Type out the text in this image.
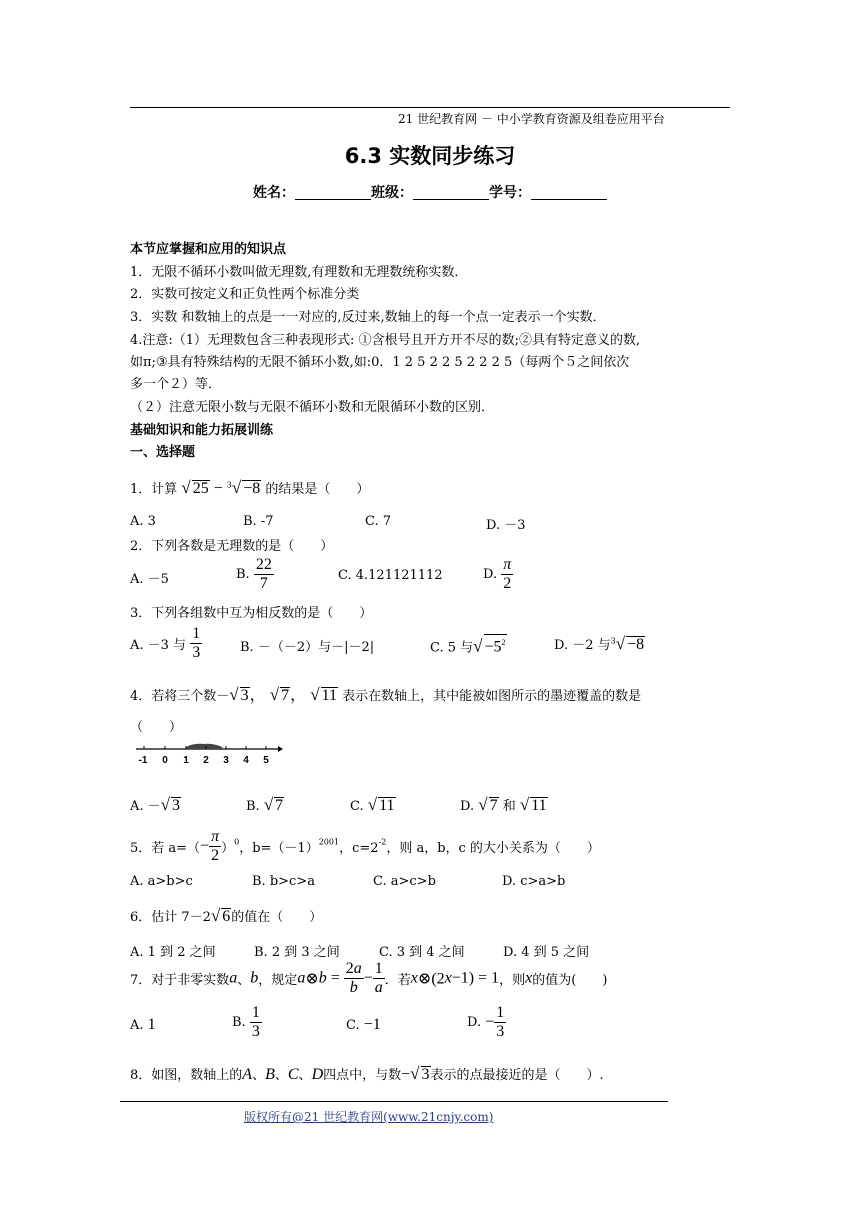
21 世纪教育网 － 中小学教育资源及组卷应用平台
6.3 实数同步练习
姓名：	班级：	学号：
本节应掌握和应用的知识点
1．无限不循环小数叫做无理数,有理数和无理数统称实数．
2．实数可按定义和正负性两个标准分类
3．实数 和数轴上的点是一一对应的,反过来,数轴上的每一个点一定表示一个实数．
4.注意:（1）无理数包含三种表现形式: ①含根号且开方开不尽的数;②具有特定意义的数,
如π;③具有特殊结构的无限不循环小数,如:0．1 2 5 2 2 5 2 2 2 5（每两个５之间依次
多一个２）等．
（２）注意无限小数与无限不循环小数和无限循环小数的区别．
基础知识和能力拓展训练
一、选择题
1．计算 √ 25 − $^3$√ −8 的结果是（　　）
A. 3	B. -7	C. 7	D. －3
2．下列各数是无理数的是（　　）
A. －5	B. $\frac{22}{7}$	C. 4.121121112	D. $\frac{\pi}{2}$
3．下列各组数中互为相反数的是（　　）
A. －3 与 $\frac{1}{3}$	B. －（－2）与－|－2|	C. 5 与√ $-5^2$	D. －2 与$^3$√ −8
4．若将三个数－√ 3， √ 7， √ 11 表示在数轴上，其中能被如图所示的墨迹覆盖的数是
（　　）
-1 0 1 2 3 4 5
A. －√ 3	B. √ 7	C. √ 11	D. √ 7 和 √ 11
5．若 $a=(- \frac{\pi}{2} )^0$，$b=(-1)^{2001}$，$c=2^{-2}$，则 a，b，c 的大小关系为（　　）
A. a>b>c	B. b>c>a	C. a>c>b	D. c>a>b
6．估计 7－2√ 6的值在（　　）
A. 1 到 2 之间	B. 2 到 3 之间	C. 3 到 4 之间	D. 4 到 5 之间
7．对于非零实数a、b，规定a⊗b = $\frac{2a}{b} - \frac{1}{a}$ ．若x⊗(2x−1) = 1，则x的值为(　　)
A. 1	B. $\frac{1}{3}$	C. −1	D. − $\frac{1}{3}$
8．如图，数轴上的A、B、C、D四点中，与数−√ 3表示的点最接近的是（　　）.
版权所有@21 世纪教育网(www.21cnjy.com)
